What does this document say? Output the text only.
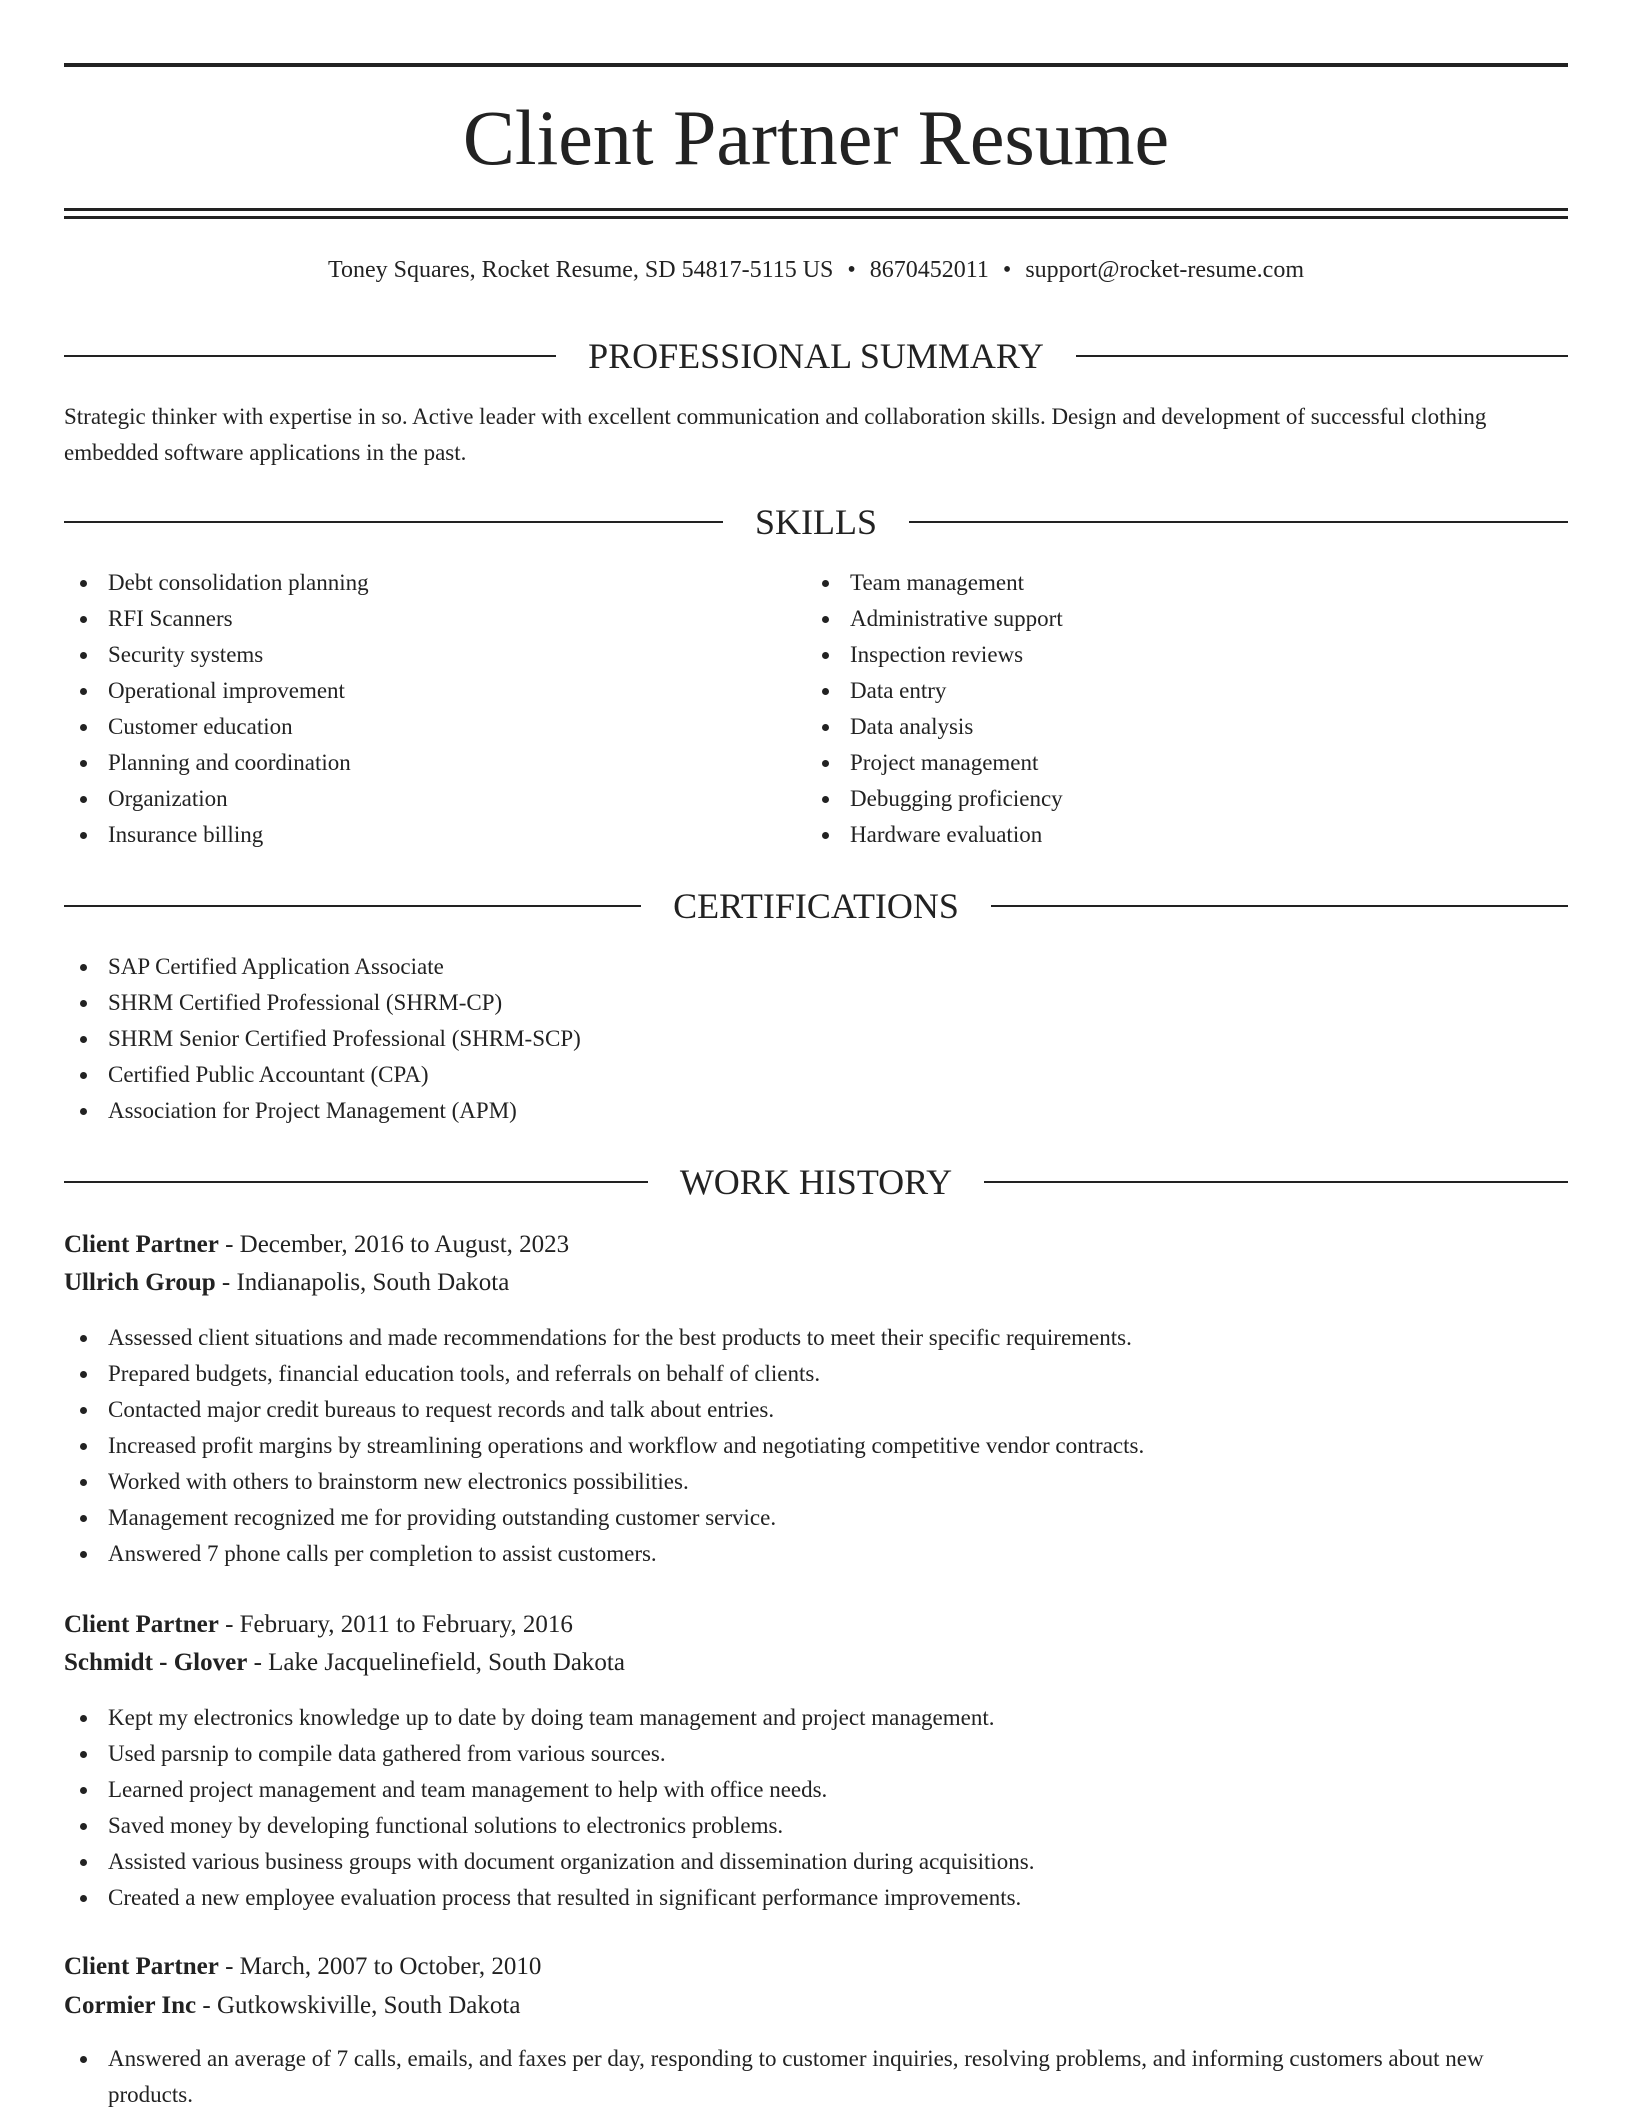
Client Partner Resume
Toney Squares, Rocket Resume, SD 54817-5115 US • 8670452011 • support@rocket-resume.com
PROFESSIONAL SUMMARY
Strategic thinker with expertise in so. Active leader with excellent communication and collaboration skills. Design and development of successful clothing embedded software applications in the past.
SKILLS
Debt consolidation planning
RFI Scanners
Security systems
Operational improvement
Customer education
Planning and coordination
Organization
Insurance billing
Team management
Administrative support
Inspection reviews
Data entry
Data analysis
Project management
Debugging proficiency
Hardware evaluation
CERTIFICATIONS
SAP Certified Application Associate
SHRM Certified Professional (SHRM-CP)
SHRM Senior Certified Professional (SHRM-SCP)
Certified Public Accountant (CPA)
Association for Project Management (APM)
WORK HISTORY
Client Partner - December, 2016 to August, 2023
Ullrich Group - Indianapolis, South Dakota
Assessed client situations and made recommendations for the best products to meet their specific requirements.
Prepared budgets, financial education tools, and referrals on behalf of clients.
Contacted major credit bureaus to request records and talk about entries.
Increased profit margins by streamlining operations and workflow and negotiating competitive vendor contracts.
Worked with others to brainstorm new electronics possibilities.
Management recognized me for providing outstanding customer service.
Answered 7 phone calls per completion to assist customers.
Client Partner - February, 2011 to February, 2016
Schmidt - Glover - Lake Jacquelinefield, South Dakota
Kept my electronics knowledge up to date by doing team management and project management.
Used parsnip to compile data gathered from various sources.
Learned project management and team management to help with office needs.
Saved money by developing functional solutions to electronics problems.
Assisted various business groups with document organization and dissemination during acquisitions.
Created a new employee evaluation process that resulted in significant performance improvements.
Client Partner - March, 2007 to October, 2010
Cormier Inc - Gutkowskiville, South Dakota
Answered an average of 7 calls, emails, and faxes per day, responding to customer inquiries, resolving problems, and informing customers about new products.
